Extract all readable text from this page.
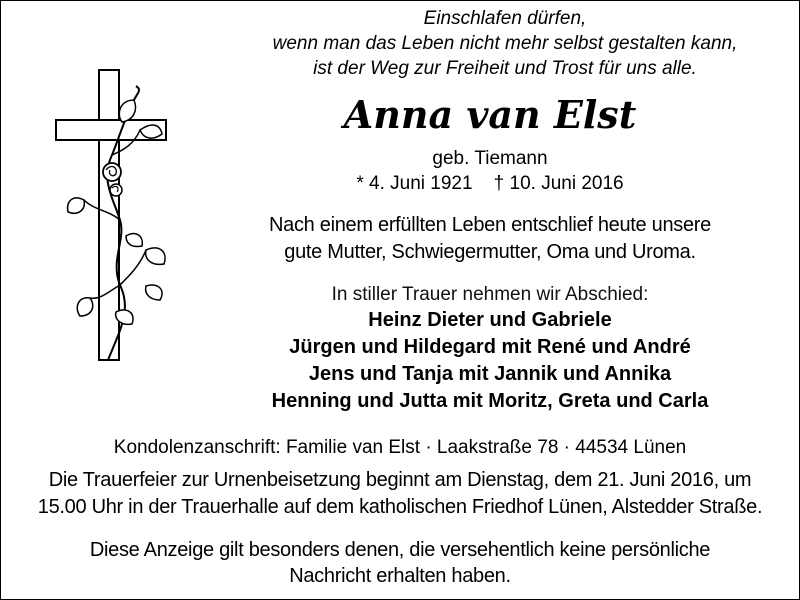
Einschlafen dürfen,
wenn man das Leben nicht mehr selbst gestalten kann,
ist der Weg zur Freiheit und Trost für uns alle.
Anna van Elst
geb. Tiemann
* 4. Juni 1921    † 10. Juni 2016
Nach einem erfüllten Leben entschlief heute unsere
gute Mutter, Schwiegermutter, Oma und Uroma.
In stiller Trauer nehmen wir Abschied:
Heinz Dieter und Gabriele
Jürgen und Hildegard mit René und André
Jens und Tanja mit Jannik und Annika
Henning und Jutta mit Moritz, Greta und Carla
Kondolenzanschrift: Familie van Elst · Laakstraße 78 · 44534 Lünen
Die Trauerfeier zur Urnenbeisetzung beginnt am Dienstag, dem 21. Juni 2016, um
15.00 Uhr in der Trauerhalle auf dem katholischen Friedhof Lünen, Alstedder Straße.
Diese Anzeige gilt besonders denen, die versehentlich keine persönliche
Nachricht erhalten haben.
